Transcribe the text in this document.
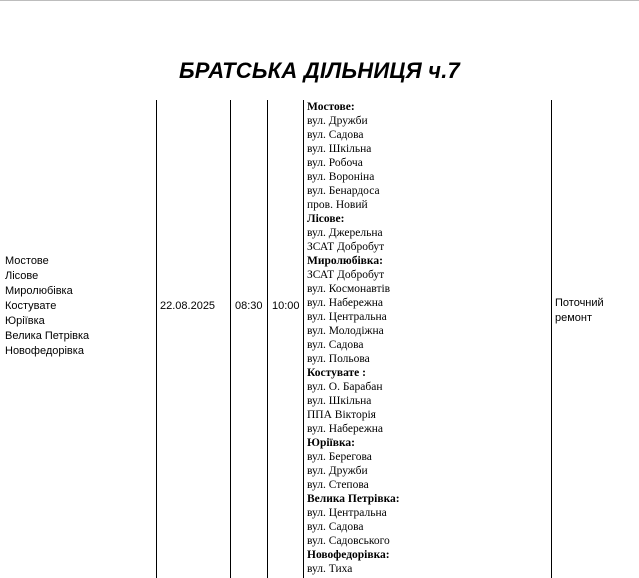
БРАТСЬКА ДІЛЬНИЦЯ ч.7
Мостове
Лісове
Миролюбівка
Костувате
Юріївка
Велика Петрівка
Новофедорівка
22.08.2025 08:30 10:00
Мостове:
вул. Дружби
вул. Садова
вул. Шкільна
вул. Робоча
вул. Вороніна
вул. Бенардоса
пров. Новий
Лісове:
вул. Джерельна
ЗСАТ Добробут
Миролюбівка:
ЗСАТ Добробут
вул. Космонавтів
вул. Набережна
вул. Центральна
вул. Молодіжна
вул. Садова
вул. Польова
Костувате :
вул. О. Барабан
вул. Шкільна
ППА Вікторія
вул. Набережна
Юріївка:
вул. Берегова
вул. Дружби
вул. Степова
Велика Петрівка:
вул. Центральна
вул. Садова
вул. Садовського
Новофедорівка:
вул. Тиха
Поточний ремонт
